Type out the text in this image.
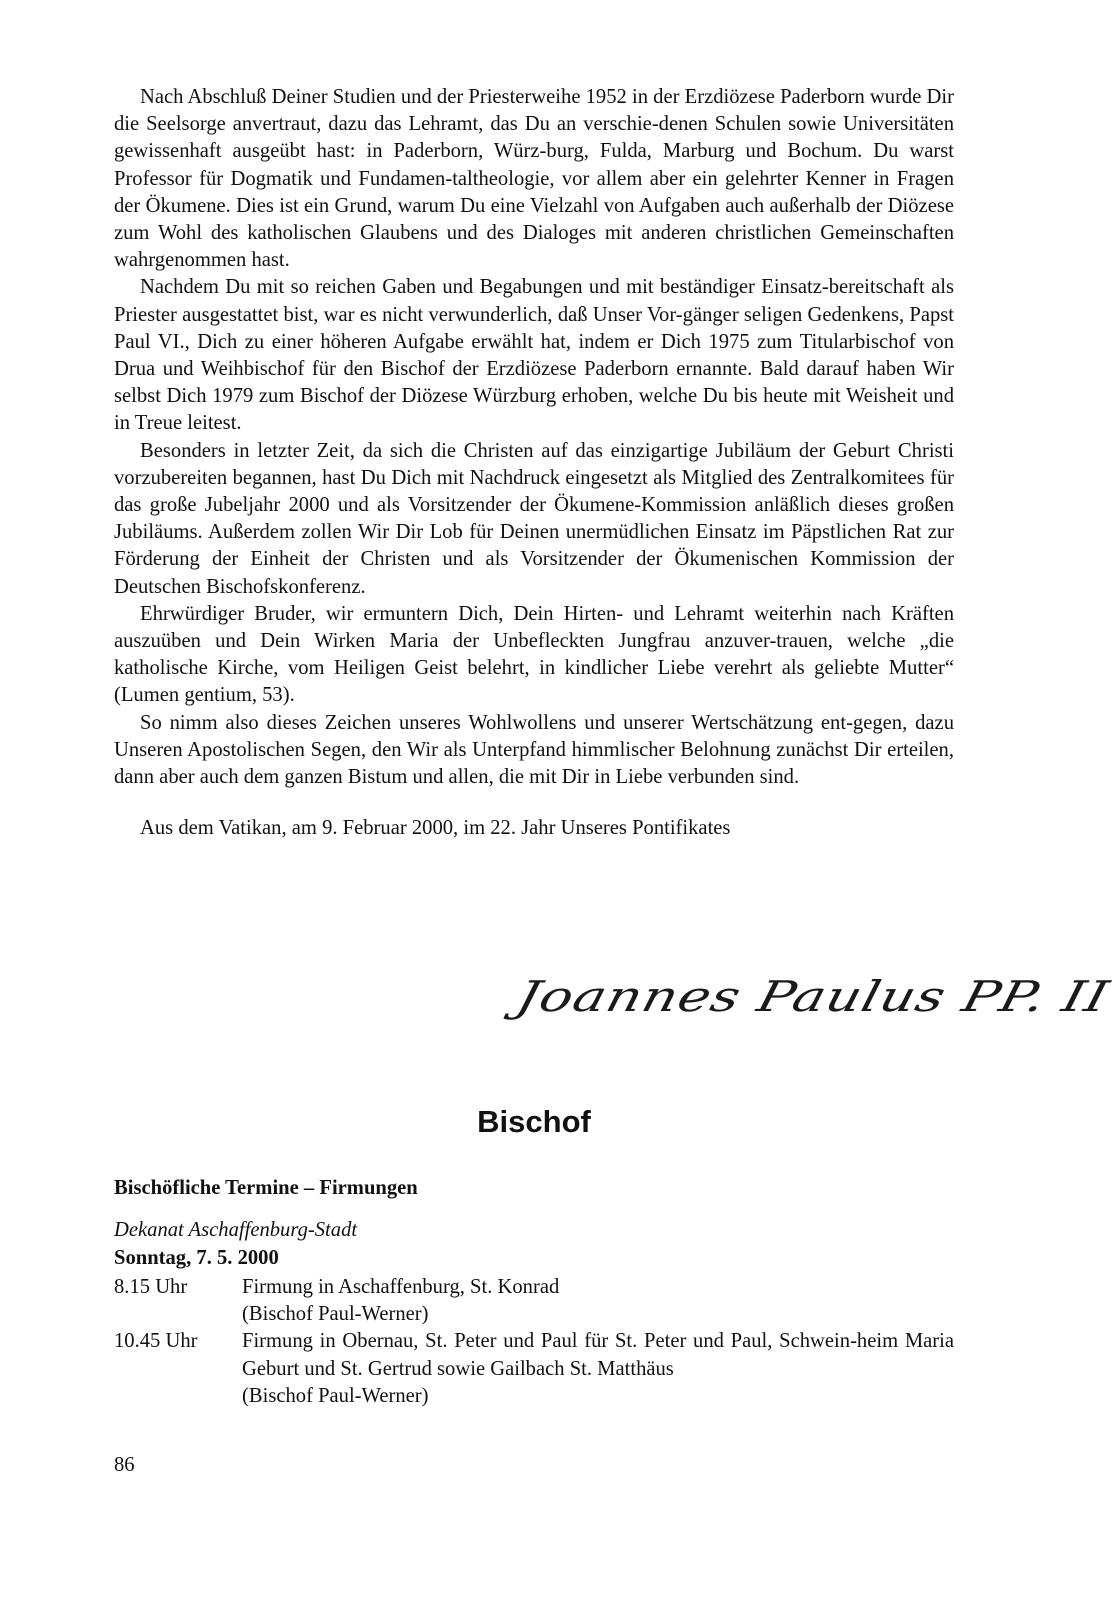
Nach Abschluß Deiner Studien und der Priesterweihe 1952 in der Erzdiözese Paderborn wurde Dir die Seelsorge anvertraut, dazu das Lehramt, das Du an verschie-denen Schulen sowie Universitäten gewissenhaft ausgeübt hast: in Paderborn, Würz-burg, Fulda, Marburg und Bochum. Du warst Professor für Dogmatik und Fundamen-taltheologie, vor allem aber ein gelehrter Kenner in Fragen der Ökumene. Dies ist ein Grund, warum Du eine Vielzahl von Aufgaben auch außerhalb der Diözese zum Wohl des katholischen Glaubens und des Dialoges mit anderen christlichen Gemeinschaften wahrgenommen hast.

Nachdem Du mit so reichen Gaben und Begabungen und mit beständiger Einsatz-bereitschaft als Priester ausgestattet bist, war es nicht verwunderlich, daß Unser Vor-gänger seligen Gedenkens, Papst Paul VI., Dich zu einer höheren Aufgabe erwählt hat, indem er Dich 1975 zum Titularbischof von Drua und Weihbischof für den Bischof der Erzdiözese Paderborn ernannte. Bald darauf haben Wir selbst Dich 1979 zum Bischof der Diözese Würzburg erhoben, welche Du bis heute mit Weisheit und in Treue leitest.

Besonders in letzter Zeit, da sich die Christen auf das einzigartige Jubiläum der Geburt Christi vorzubereiten begannen, hast Du Dich mit Nachdruck eingesetzt als Mitglied des Zentralkomitees für das große Jubeljahr 2000 und als Vorsitzender der Ökumene-Kommission anläßlich dieses großen Jubiläums. Außerdem zollen Wir Dir Lob für Deinen unermüdlichen Einsatz im Päpstlichen Rat zur Förderung der Einheit der Christen und als Vorsitzender der Ökumenischen Kommission der Deutschen Bischofskonferenz.

Ehrwürdiger Bruder, wir ermuntern Dich, Dein Hirten- und Lehramt weiterhin nach Kräften auszuüben und Dein Wirken Maria der Unbefleckten Jungfrau anzuver-trauen, welche „die katholische Kirche, vom Heiligen Geist belehrt, in kindlicher Liebe verehrt als geliebte Mutter“ (Lumen gentium, 53).

So nimm also dieses Zeichen unseres Wohlwollens und unserer Wertschätzung ent-gegen, dazu Unseren Apostolischen Segen, den Wir als Unterpfand himmlischer Belohnung zunächst Dir erteilen, dann aber auch dem ganzen Bistum und allen, die mit Dir in Liebe verbunden sind.

Aus dem Vatikan, am 9. Februar 2000, im 22. Jahr Unseres Pontifikates

Joannes Paulus PP. II
Bischof
Bischöfliche Termine – Firmungen
Dekanat Aschaffenburg-Stadt
Sonntag, 7. 5. 2000
8.15 Uhr	Firmung in Aschaffenburg, St. Konrad
(Bischof Paul-Werner)
10.45 Uhr	Firmung in Obernau, St. Peter und Paul für St. Peter und Paul, Schwein-heim Maria Geburt und St. Gertrud sowie Gailbach St. Matthäus
(Bischof Paul-Werner)
86
